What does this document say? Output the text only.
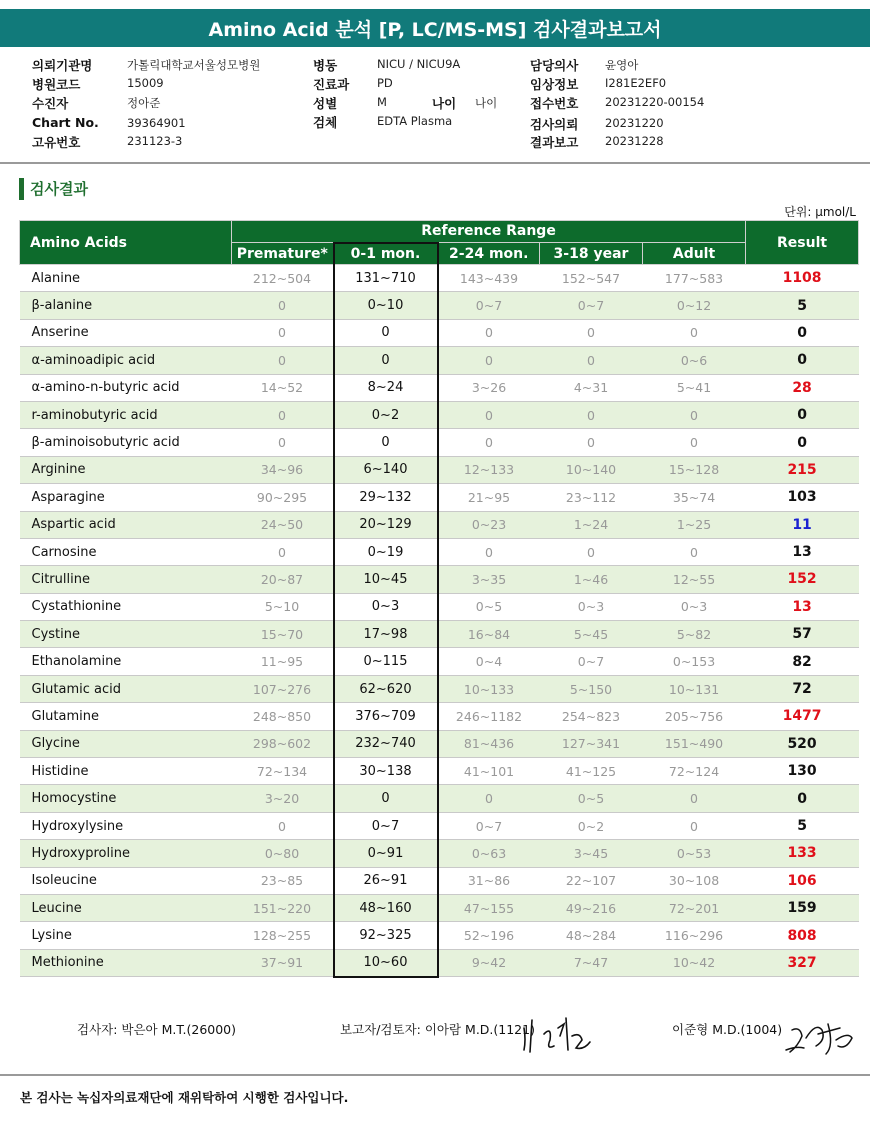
Amino Acid 분석 [P, LC/MS-MS] 검사결과보고서
의뢰기관명	가톨릭대학교서울성모병원
병원코드	15009
수진자	정아준
Chart No. 39364901
고유번호	231123-3
병동	NICU / NICU9A
진료과 PD
성별	M	나이 나이
검체	EDTA Plasma
담당의사 윤영아
임상정보 I281E2EF0
접수번호 20231220-00154
검사의뢰 20231220
결과보고 20231228
검사결과
단위: μmol/L
Amino Acids	Reference Range					Result
	Premature*	0-1 mon.	2-24 mon.	3-18 year	Adult	
Alanine	212~504	131~710	143~439	152~547	177~583	1108
β-alanine	0	0~10	0~7	0~7	0~12	5
Anserine	0	0	0	0	0	0
α-aminoadipic acid	0	0	0	0	0~6	0
α-amino-n-butyric acid	14~52	8~24	3~26	4~31	5~41	28
r-aminobutyric acid	0	0~2	0	0	0	0
β-aminoisobutyric acid	0	0	0	0	0	0
Arginine	34~96	6~140	12~133	10~140	15~128	215
Asparagine	90~295	29~132	21~95	23~112	35~74	103
Aspartic acid	24~50	20~129	0~23	1~24	1~25	11
Carnosine	0	0~19	0	0	0	13
Citrulline	20~87	10~45	3~35	1~46	12~55	152
Cystathionine	5~10	0~3	0~5	0~3	0~3	13
Cystine	15~70	17~98	16~84	5~45	5~82	57
Ethanolamine	11~95	0~115	0~4	0~7	0~153	82
Glutamic acid	107~276	62~620	10~133	5~150	10~131	72
Glutamine	248~850	376~709	246~1182	254~823	205~756	1477
Glycine	298~602	232~740	81~436	127~341	151~490	520
Histidine	72~134	30~138	41~101	41~125	72~124	130
Homocystine	3~20	0	0	0~5	0	0
Hydroxylysine	0	0~7	0~7	0~2	0	5
Hydroxyproline	0~80	0~91	0~63	3~45	0~53	133
Isoleucine	23~85	26~91	31~86	22~107	30~108	106
Leucine	151~220	48~160	47~155	49~216	72~201	159
Lysine	128~255	92~325	52~196	48~284	116~296	808
Methionine	37~91	10~60	9~42	7~47	10~42	327
검사자: 박은아 M.T.(26000)	보고자/검토자: 이아람 M.D.(1121)	이준형 M.D.(1004)
본 검사는 녹십자의료재단에 재위탁하여 시행한 검사입니다.
